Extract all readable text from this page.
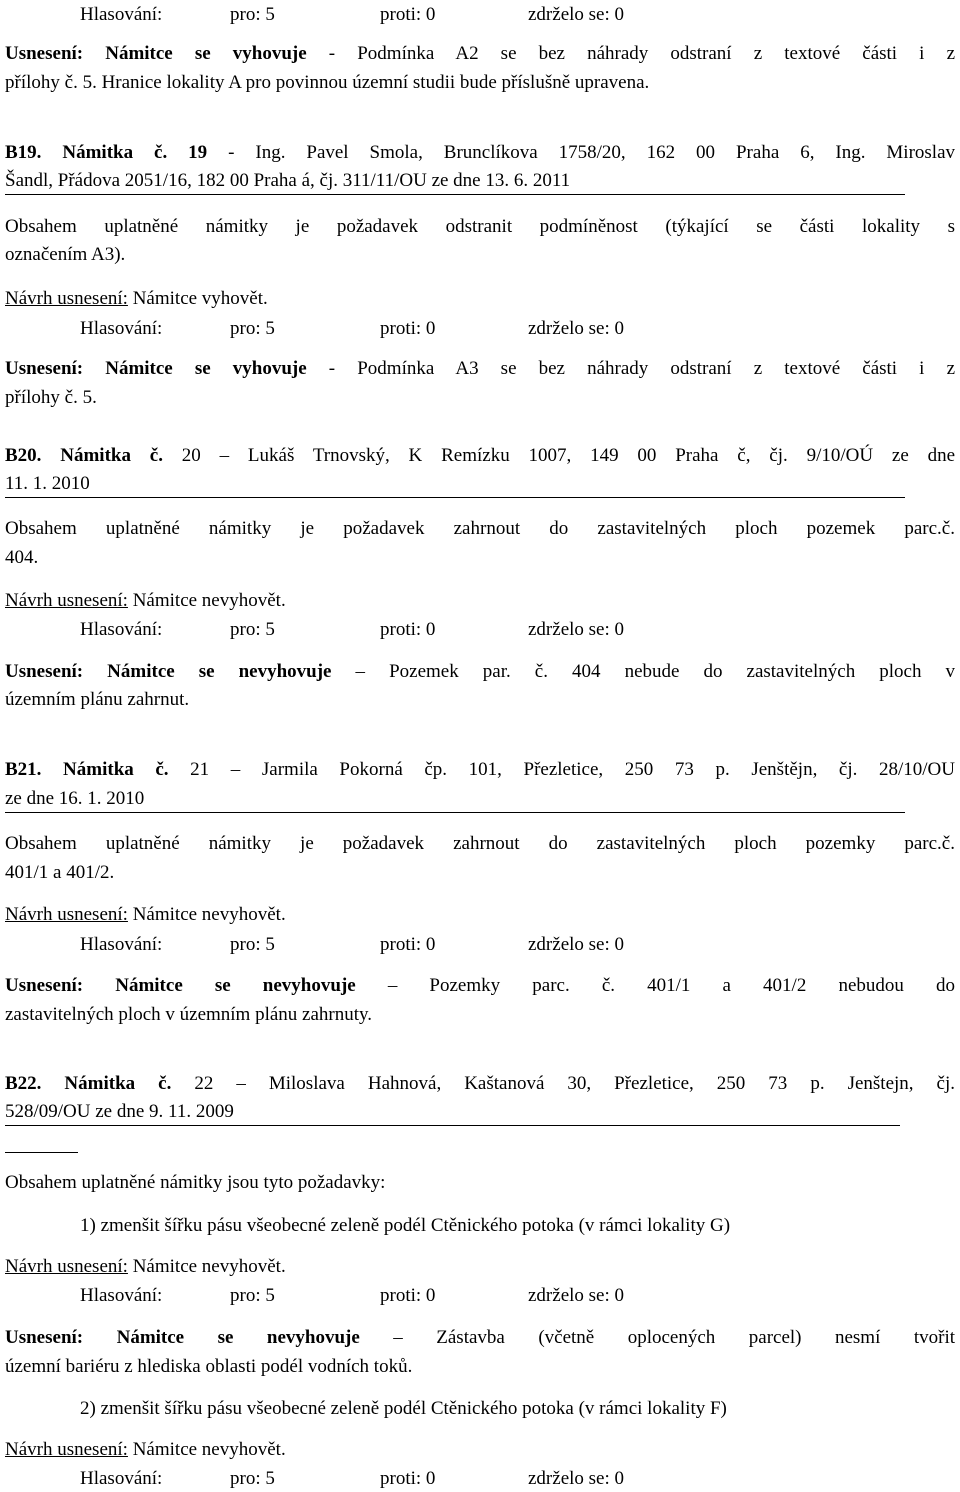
Hlasování:	pro: 5	proti: 0	zdrželo se: 0
Usnesení: Námitce se vyhovuje - Podmínka A2 se bez náhrady odstraní z textové části i z
přílohy č. 5. Hranice lokality A pro povinnou územní studii bude příslušně upravena.
B19. Námitka č. 19 - Ing. Pavel Smola, Brunclíkova 1758/20, 162 00 Praha 6, Ing. Miroslav
Šandl, Přádova 2051/16, 182 00 Praha á, čj. 311/11/OU ze dne 13. 6. 2011
Obsahem uplatněné námitky je požadavek odstranit podmíněnost (týkající se části lokality s
označením A3).
Návrh usnesení: Námitce vyhovět.
Hlasování:	pro: 5	proti: 0	zdrželo se: 0
Usnesení: Námitce se vyhovuje - Podmínka A3 se bez náhrady odstraní z textové části i z
přílohy č. 5.
B20. Námitka č. 20 – Lukáš Trnovský, K Remízku 1007, 149 00 Praha č, čj. 9/10/OÚ ze dne
11. 1. 2010
Obsahem uplatněné námitky je požadavek zahrnout do zastavitelných ploch pozemek parc.č.
404.
Návrh usnesení: Námitce nevyhovět.
Hlasování:	pro: 5	proti: 0	zdrželo se: 0
Usnesení: Námitce se nevyhovuje – Pozemek par. č. 404 nebude do zastavitelných ploch v
územním plánu zahrnut.
B21. Námitka č. 21 – Jarmila Pokorná čp. 101, Přezletice, 250 73 p. Jenštějn, čj. 28/10/OU
ze dne 16. 1. 2010
Obsahem uplatněné námitky je požadavek zahrnout do zastavitelných ploch pozemky parc.č.
401/1 a 401/2.
Návrh usnesení: Námitce nevyhovět.
Hlasování:	pro: 5	proti: 0	zdrželo se: 0
Usnesení: Námitce se nevyhovuje – Pozemky parc. č. 401/1 a 401/2 nebudou do
zastavitelných ploch v územním plánu zahrnuty.
B22. Námitka č. 22 – Miloslava Hahnová, Kaštanová 30, Přezletice, 250 73 p. Jenštejn, čj.
528/09/OU ze dne 9. 11. 2009
Obsahem uplatněné námitky jsou tyto požadavky:
1) zmenšit šířku pásu všeobecné zeleně podél Ctěnického potoka (v rámci lokality G)
Návrh usnesení: Námitce nevyhovět.
Hlasování:	pro: 5	proti: 0	zdrželo se: 0
Usnesení: Námitce se nevyhovuje – Zástavba (včetně oplocených parcel) nesmí tvořit
územní bariéru z hlediska oblasti podél vodních toků.
2) zmenšit šířku pásu všeobecné zeleně podél Ctěnického potoka (v rámci lokality F)
Návrh usnesení: Námitce nevyhovět.
Hlasování:	pro: 5	proti: 0	zdrželo se: 0
